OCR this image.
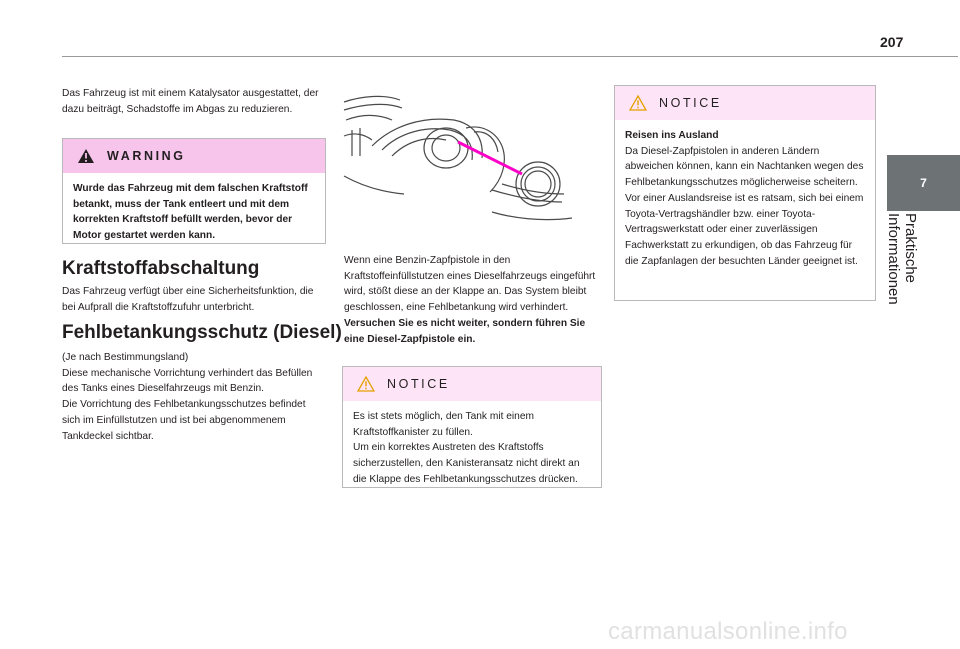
207
7
Praktische Informationen

Das Fahrzeug ist mit einem Katalysator ausgestattet, der dazu beiträgt, Schadstoffe im Abgas zu reduzieren.

WARNING

Wurde das Fahrzeug mit dem falschen Kraftstoff betankt, muss der Tank entleert und mit dem korrekten Kraftstoff befüllt werden, bevor der Motor gestartet werden kann.

Kraftstoffabschaltung

Das Fahrzeug verfügt über eine Sicherheitsfunktion, die bei Aufprall die Kraftstoffzufuhr unterbricht.

Fehlbetankungsschutz (Diesel)

(Je nach Bestimmungsland)
Diese mechanische Vorrichtung verhindert das Befüllen des Tanks eines Dieselfahrzeugs mit Benzin.
Die Vorrichtung des Fehlbetankungsschutzes befindet sich im Einfüllstutzen und ist bei abgenommenem Tankdeckel sichtbar.

Wenn eine Benzin-Zapfpistole in den Kraftstoffeinfüllstutzen eines Dieselfahrzeugs eingeführt wird, stößt diese an der Klappe an. Das System bleibt geschlossen, eine Fehlbetankung wird verhindert.

Versuchen Sie es nicht weiter, sondern führen Sie eine Diesel-Zapfpistole ein.

NOTICE

Es ist stets möglich, den Tank mit einem Kraftstoffkanister zu füllen.
Um ein korrektes Austreten des Kraftstoffs sicherzustellen, den Kanisteransatz nicht direkt an die Klappe des Fehlbetankungsschutzes drücken.

NOTICE

Reisen ins Ausland

Da Diesel-Zapfpistolen in anderen Ländern abweichen können, kann ein Nachtanken wegen des Fehlbetankungsschutzes möglicherweise scheitern.
Vor einer Auslandsreise ist es ratsam, sich bei einem Toyota-Vertragshändler bzw. einer Toyota-Vertragswerkstatt oder einer zuverlässigen Fachwerkstatt zu erkundigen, ob das Fahrzeug für die Zapfanlagen der besuchten Länder geeignet ist.

carmanualsonline.info
